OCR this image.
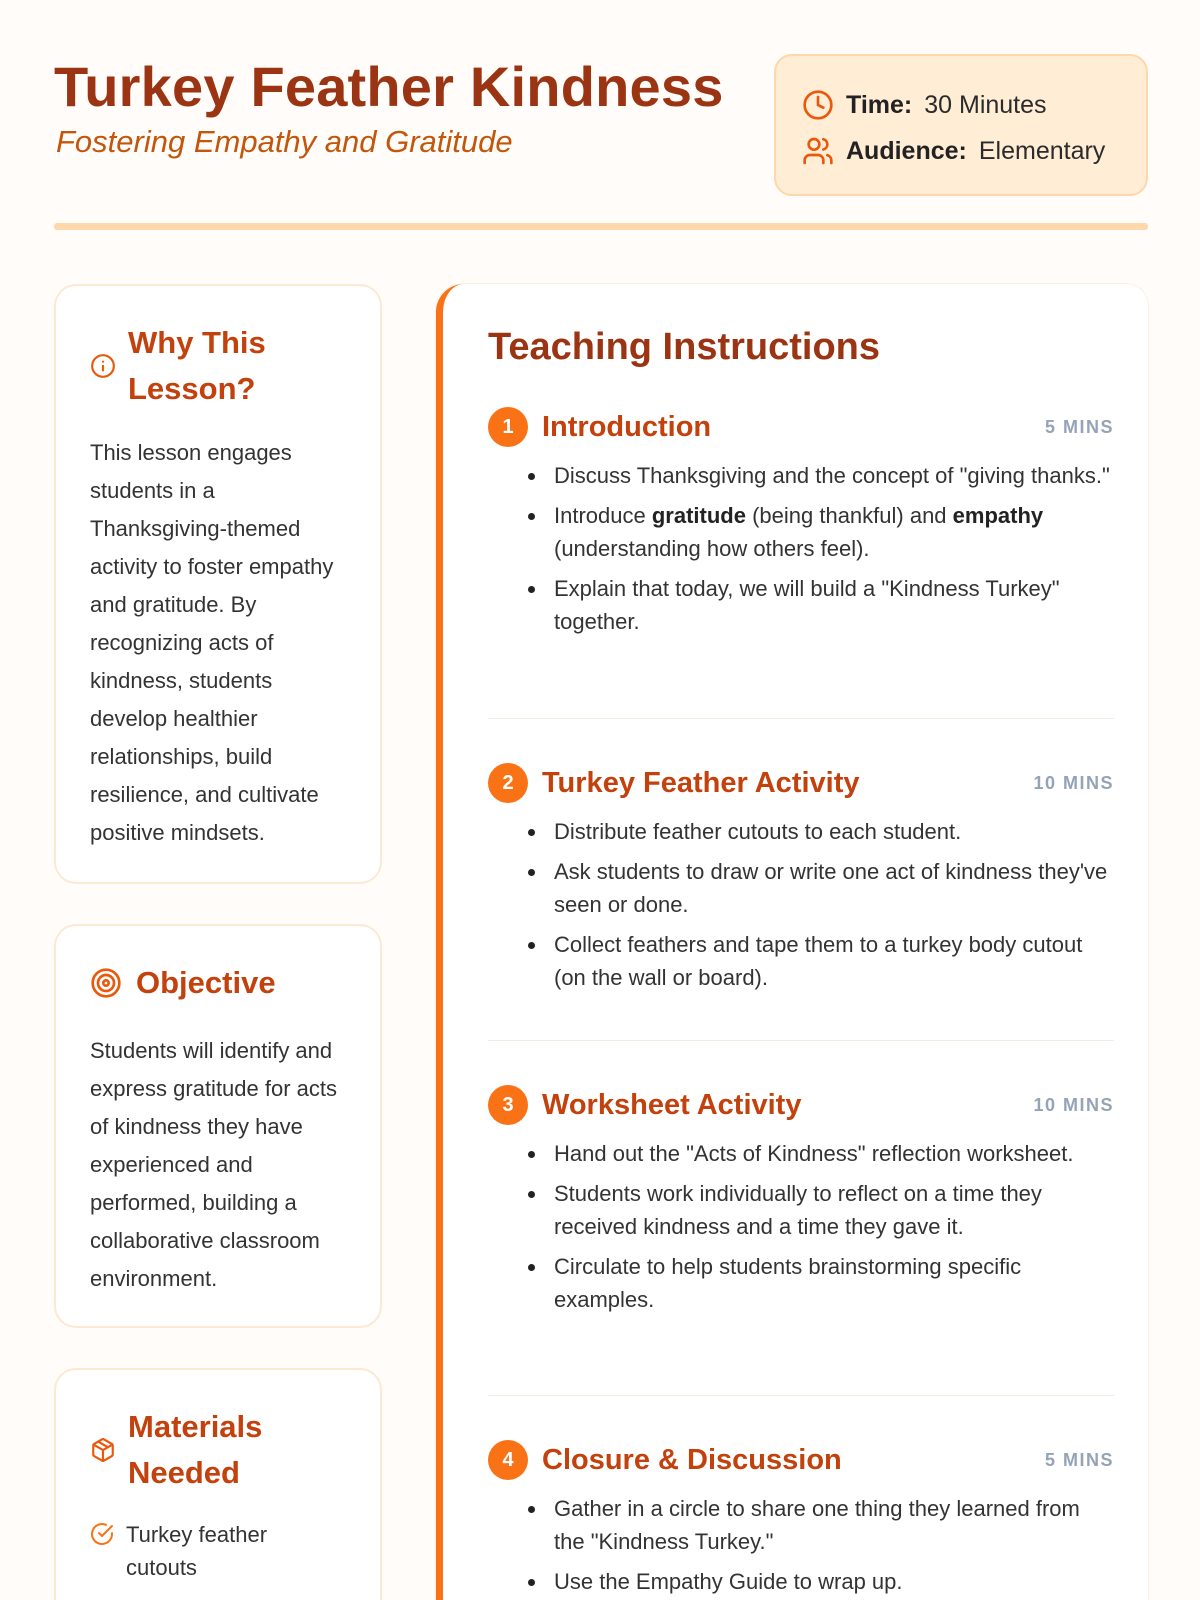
Turkey Feather Kindness
Fostering Empathy and Gratitude
Time: 30 Minutes
Audience: Elementary
Why This
Lesson?
This lesson engages students in a Thanksgiving-themed activity to foster empathy and gratitude. By recognizing acts of kindness, students develop healthier relationships, build resilience, and cultivate positive mindsets.
Objective
Students will identify and express gratitude for acts of kindness they have experienced and performed, building a collaborative classroom environment.
Materials
Needed
Turkey feather cutouts
Teaching Instructions
1 Introduction	5 MINS
Discuss Thanksgiving and the concept of "giving thanks."
Introduce gratitude (being thankful) and empathy (understanding how others feel).
Explain that today, we will build a "Kindness Turkey" together.
2 Turkey Feather Activity	10 MINS
Distribute feather cutouts to each student.
Ask students to draw or write one act of kindness they've seen or done.
Collect feathers and tape them to a turkey body cutout (on the wall or board).
3 Worksheet Activity	10 MINS
Hand out the "Acts of Kindness" reflection worksheet.
Students work individually to reflect on a time they received kindness and a time they gave it.
Circulate to help students brainstorming specific examples.
4 Closure & Discussion	5 MINS
Gather in a circle to share one thing they learned from the "Kindness Turkey."
Use the Empathy Guide to wrap up.
